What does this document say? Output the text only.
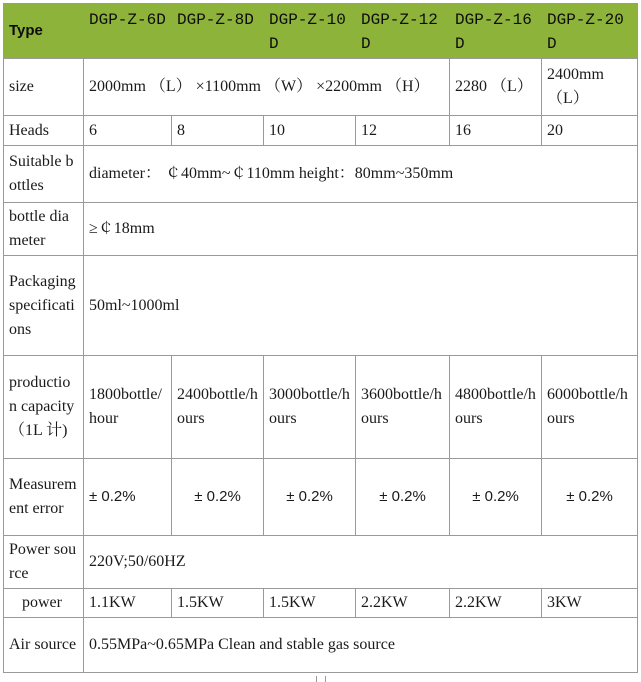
Type	DGP-Z-6D	DGP-Z-8D	DGP-Z-10D	DGP-Z-12D	DGP-Z-16D	DGP-Z-20D
size	2000mm （L） ×1100mm （W） ×2200mm （H）				2280 （L）	2400mm （L）
Heads	6	8	10	12	16	20
Suitable bottles	diameter： ￠40mm~￠110mm height：80mm~350mm					
bottle diameter	≥￠18mm					
Packaging specifications	50ml~1000ml					
production capacity （1L 计)	1800bottle/hour	2400bottle/hours	3000bottle/hours	3600bottle/hours	4800bottle/hours	6000bottle/hours
Measurement error	± 0.2%	± 0.2%	± 0.2%	± 0.2%	± 0.2%	± 0.2%
Power source	220V;50/60HZ					
power	1.1KW	1.5KW	1.5KW	2.2KW	2.2KW	3KW
Air source	0.55MPa~0.65MPa Clean and stable gas source					
